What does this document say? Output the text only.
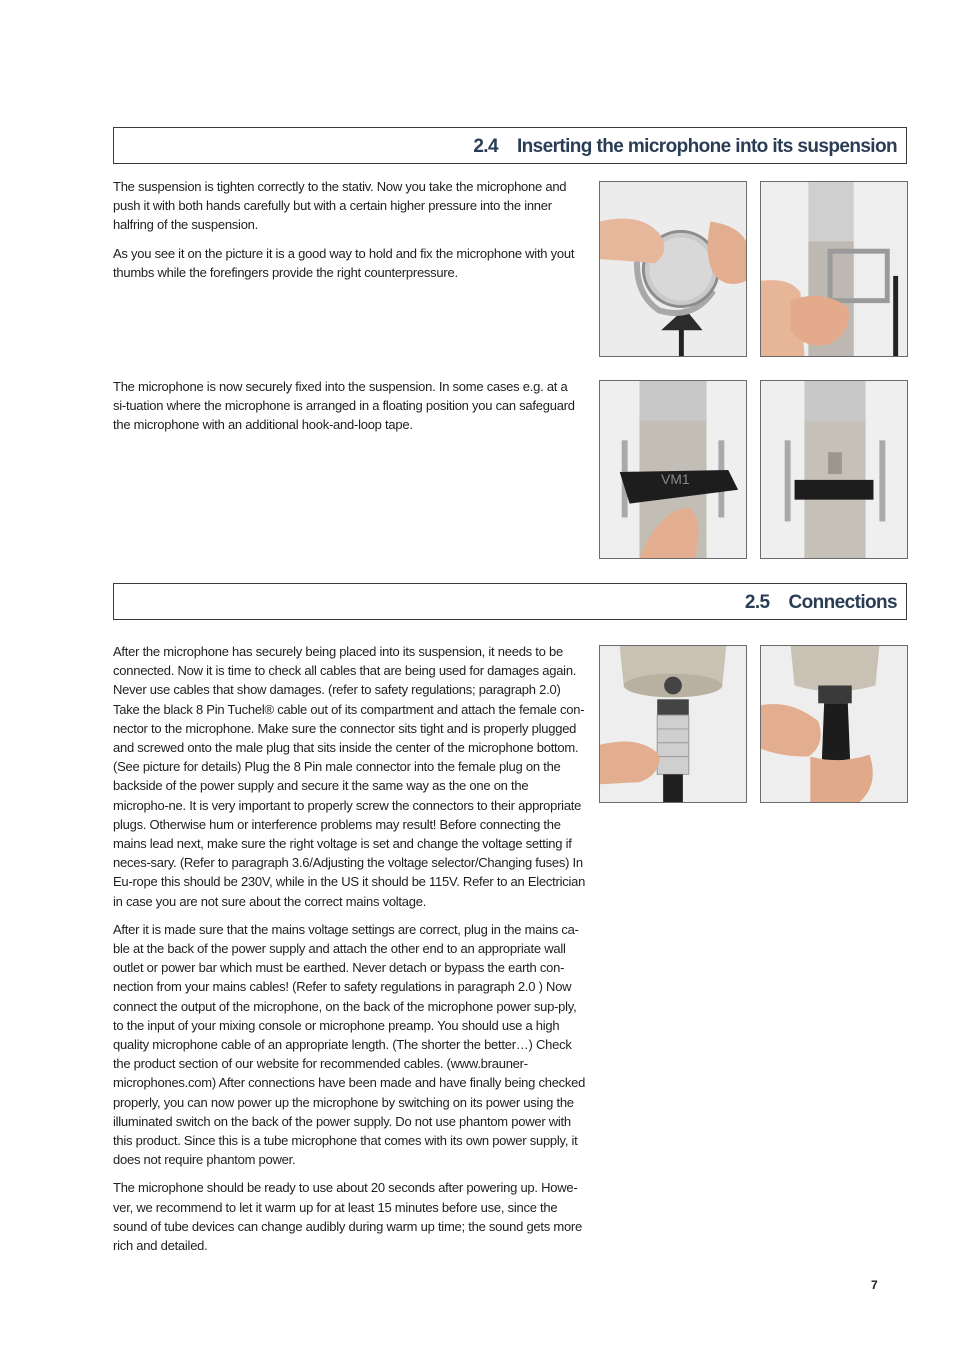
2.4 Inserting the microphone into its suspension

The suspension is tighten correctly to the stativ. Now you take the microphone and push it with both hands carefully but with a certain higher pressure into the inner halfring of the suspension.

As you see it on the picture it is a good way to hold and fix the microphone with yout thumbs while the forefingers provide the right counterpressure.

The microphone is now securely fixed into the suspension. In some cases e.g. at a si-tuation where the microphone is arranged in a floating position you can safeguard the microphone with an additional hook-and-loop tape.

VM1
2.5 Connections

After the microphone has securely being placed into its suspension, it needs to be connected. Now it is time to check all cables that are being used for damages again. Never use cables that show damages. (refer to safety regulations; paragraph 2.0) Take the black 8 Pin Tuchel® cable out of its compartment and attach the female con-nector to the microphone. Make sure the connector sits tight and is properly plugged and screwed onto the male plug that sits inside the center of the microphone bottom. (See picture for details) Plug the 8 Pin male connector into the female plug on the backside of the power supply and secure it the same way as the one on the micropho-ne. It is very important to properly screw the connectors to their appropriate plugs. Otherwise hum or interference problems may result! Before connecting the mains lead next, make sure the right voltage is set and change the voltage setting if neces-sary. (Refer to paragraph 3.6/Adjusting the voltage selector/Changing fuses) In Eu-rope this should be 230V, while in the US it should be 115V. Refer to an Electrician in case you are not sure about the correct mains voltage.

After it is made sure that the mains voltage settings are correct, plug in the mains ca-ble at the back of the power supply and attach the other end to an appropriate wall outlet or power bar which must be earthed. Never detach or bypass the earth con-nection from your mains cables! (Refer to safety regulations in paragraph 2.0 ) Now connect the output of the microphone, on the back of the microphone power sup-ply, to the input of your mixing console or microphone preamp. You should use a high quality microphone cable of an appropriate length. (The shorter the better…) Check the product section of our website for recommended cables. (www.brauner-microphones.com) After connections have been made and have finally being checked properly, you can now power up the microphone by switching on its power using the illuminated switch on the back of the power supply. Do not use phantom power with this product. Since this is a tube microphone that comes with its own power supply, it does not require phantom power.

The microphone should be ready to use about 20 seconds after powering up. Howe-ver, we recommend to let it warm up for at least 15 minutes before use, since the sound of tube devices can change audibly during warm up time; the sound gets more rich and detailed.

7
